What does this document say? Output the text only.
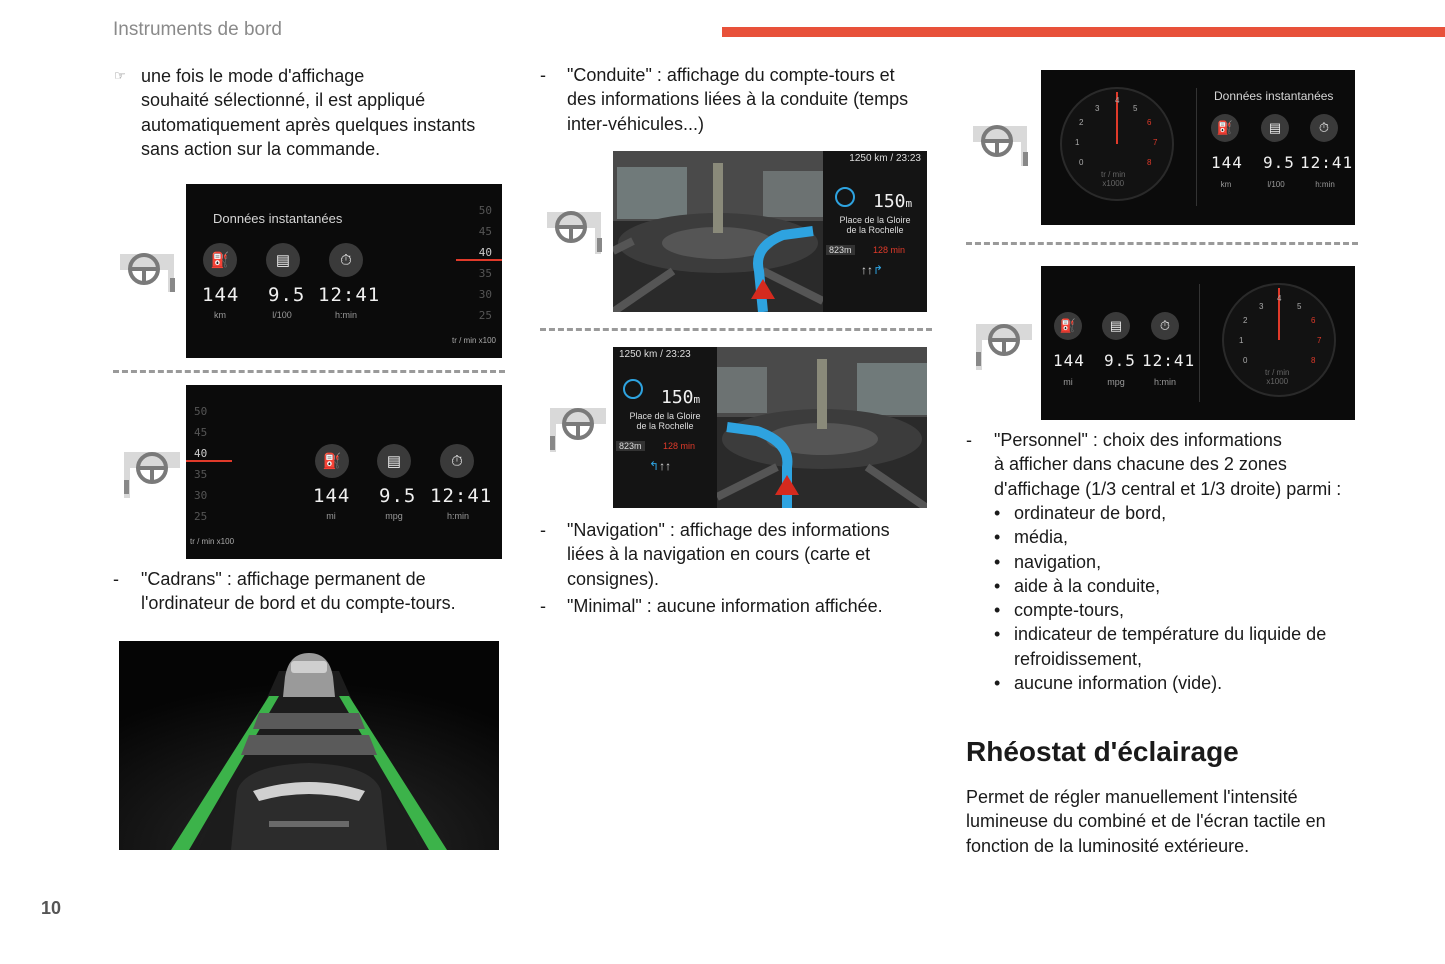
Instruments de bord
☞ une fois le mode d'affichage
souhaité sélectionné, il est appliqué
automatiquement après quelques instants
sans action sur la commande.
Données instantanées
⛽	▤	⏱
144 9.5 12:41
km	l/100	h:min
50
45
40
35
30
25
tr / min x100
50
45
40
35
30
25
tr / min x100
⛽	▤	⏱
144 9.5 12:41
mi	mpg	h:min
- "Cadrans" : affichage permanent de
l'ordinateur de bord et du compte-tours.
- "Conduite" : affichage du compte-tours et
des informations liées à la conduite (temps
inter-véhicules...)
1250 km / 23:23
150m
Place de la Gloire
de la Rochelle
823m	128 min
↑↑↱
1250 km / 23:23
150m
Place de la Gloire
de la Rochelle
823m	128 min
↰↑↑
- "Navigation" : affichage des informations
liées à la navigation en cours (carte et
consignes).
- "Minimal" : aucune information affichée.
0
1
2
3
4
5
6
7
8
tr / min
x1000
Données instantanées
⛽	▤	⏱
144 9.5 12:41
km	l/100	h:min
⛽	▤	⏱
144 9.5 12:41
mi	mpg	h:min
0
1
2
3
4
5
6
7
8
tr / min
x1000
- "Personnel" : choix des informations
à afficher dans chacune des 2 zones
d'affichage (1/3 central et 1/3 droite) parmi :
• ordinateur de bord,
• média,
• navigation,
• aide à la conduite,
• compte-tours,
• indicateur de température du liquide de
refroidissement,
• aucune information (vide).
Rhéostat d'éclairage
Permet de régler manuellement l'intensité
lumineuse du combiné et de l'écran tactile en
fonction de la luminosité extérieure.
10
